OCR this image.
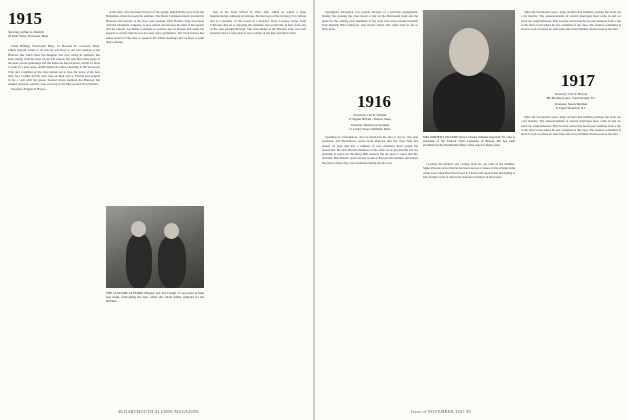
1915
Secretary, Arthur G. Dietrich
25 Pearl Street, Worcester, Mass.

Frank Billings, Wentworth Bldg., 51 Pleasant St., Concord, Mass. Chuck Ingram writes to us that he was host to our last reunion at the Hanover Inn. Since then, his daughter Jan, now living in Vermont, has been sailing with the class for the fall season. We sent him some notes of the more recent gatherings and the letters he had received, which we hope to print in a later issue. Arthur Dietrich called a meeting at the Worcester Club and a number of the class turned out to hear the news of the new men. Doc Collins and his wife were on their way to Florida and stopped in for a visit with the group. Several letters mention the Hanover Inn reunion and how well the class stood up to the hills around Occom Pond.

Treasurer, Eugene P. Hayes, ...

of his wife, who has been ill most of the spring. Ralph Nash wrote from the Berkshires where he spent the summer. The Mock Commencement was held in Hanover and several of the boys were present. Dick Holton, long associated with the telephone company, is now retired and devotes his time to his garden and the church. Joe Burke continues to practise law in Boston and sends his regards to all the men he has not seen since graduation. The Tuck School has asked several of the class to speak at the winter meetings and we hope to print their remarks.

THE CLOUGHS AT HOME: Margery and Ted Clough '15 are proud of their new home overlooking the lake, where the whole family gathered for the holidays.

tion of the Tuck School in 1922, after which he joined a large manufacturing company in Chicago. He has been active in many civic affairs and is a member of the board of a hospital. Dave Lovejoy writes from California that he is enjoying the sunshine and would like to hear from any of the class passing through. The class dinner at the Harvard Club was well attended and we were glad to see so many of the men and their wives.

48 DARTMOUTH ALUMNI MAGAZINE

Springfield delegation was present because of a previous engagement. During the evening the class heard a talk on the Dartmouth fund and the plans for the coming year. Members of the class who were present included Jack Randall, Bill Comstock, and several others who came from as far as New York.

1916
Secretary, Carl R. Schnaut
27 Pigeon Hill Rd., Weston, Mass.
Treasurer, Rachel Lee Springer
11 Crosby Street, Waltham, Mass.

Speaking of coincidences, and we should be the first to say so. Our past president, Gil Hutchinson, writes from Hanover that the class fund has passed its goal and that a number of new members have joined the Associates. He adds that the members of the class are in good health and are planning to return for the thirty-fifth reunion. We are glad to report that Mr. and Mrs. Bob Roberts spent several weeks in Europe this summer and visited the places where they were stationed during the first war.

MEL PORTER'S PICTURE shows Charles Wheeler Ingersoll '16, who is president of the Eastern Trust Company in Boston and has been prominent in the Dartmouth affairs of the state for many years.

Crossing the Atlantic and coming back are our tales of the summer. Spike Parsons writes that he has been elected a trustee of the savings bank in his town. Dick Hart has moved to Florida and reports that the fishing is fine. Ralph Cotter is still in the insurance business in Worcester.

Since the Secretaries took a long vacation this summer, perhaps the notes are a bit sketchy. The announcements of several marriages have come in and we send our congratulations. Bob Gordon writes that he has just returned from a trip to the West Coast where he saw a number of the class. The reunion committee is hard at work on plans for next June and every member should reserve the date.

1917
Secretary, Carl W. Hoover
485 Broadway Ave., South Orange, N.J.
Treasurer, Saxon Sherman
P. Upper Montclair, N.J.

Since the Secretaries took a long vacation this summer, perhaps the notes are a bit sketchy. The announcements of several marriages have come in and we send our congratulations. Bob Gordon writes that he has just returned from a trip to the West Coast where he saw a number of the class. The reunion committee is hard at work on plans for next June and every member should reserve the date.

Issue of NOVEMBER 1947 49
